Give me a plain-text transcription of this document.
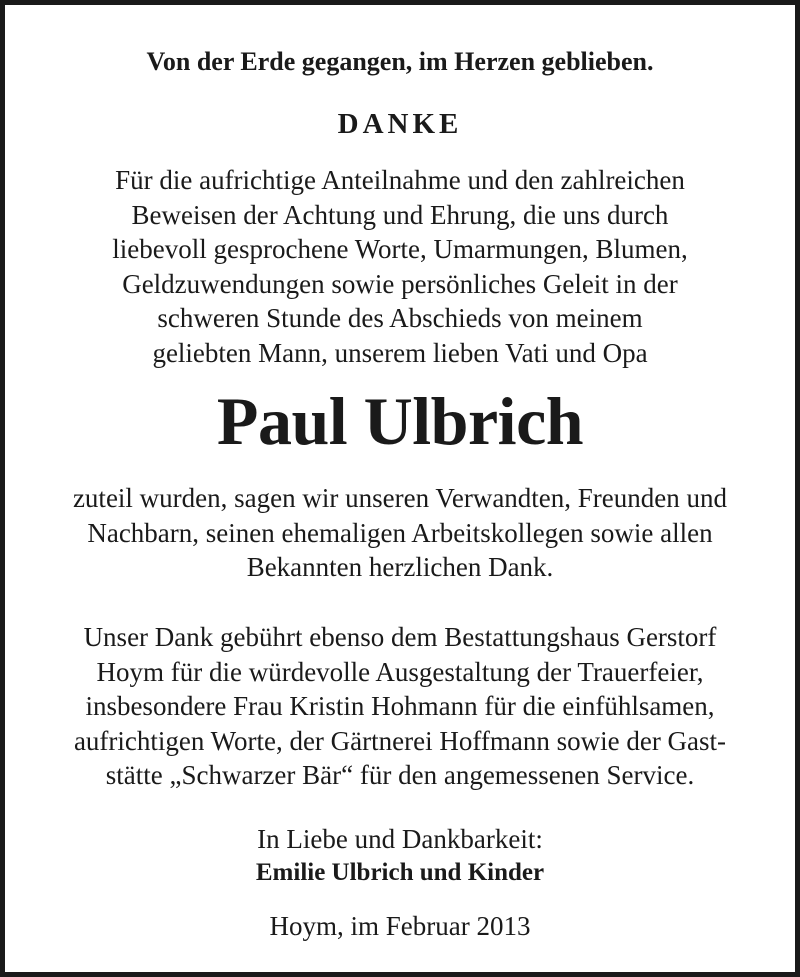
Von der Erde gegangen, im Herzen geblieben.

DANKE

Für die aufrichtige Anteilnahme und den zahlreichen
Beweisen der Achtung und Ehrung, die uns durch
liebevoll gesprochene Worte, Umarmungen, Blumen,
Geldzuwendungen sowie persönliches Geleit in der
schweren Stunde des Abschieds von meinem
geliebten Mann, unserem lieben Vati und Opa

Paul Ulbrich

zuteil wurden, sagen wir unseren Verwandten, Freunden und
Nachbarn, seinen ehemaligen Arbeitskollegen sowie allen
Bekannten herzlichen Dank.
Unser Dank gebührt ebenso dem Bestattungshaus Gerstorf
Hoym für die würdevolle Ausgestaltung der Trauerfeier,
insbesondere Frau Kristin Hohmann für die einfühlsamen,
aufrichtigen Worte, der Gärtnerei Hoffmann sowie der Gast-
stätte „Schwarzer Bär“ für den angemessenen Service.

In Liebe und Dankbarkeit:

Emilie Ulbrich und Kinder

Hoym, im Februar 2013
